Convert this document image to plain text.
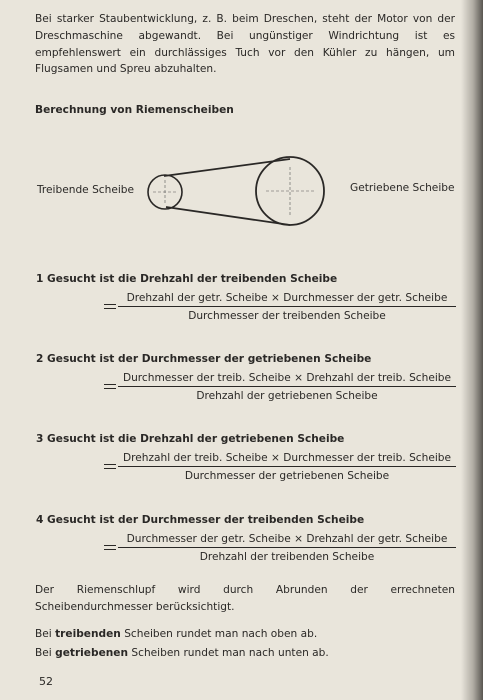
Bei starker Staubentwicklung, z. B. beim Dreschen, steht der Motor von der Dreschmaschine abgewandt. Bei ungünstiger Windrichtung ist es empfehlenswert ein durchlässiges Tuch vor den Kühler zu hängen, um Flugsamen und Spreu abzuhalten.

Berechnung von Riemenscheiben
Treibende Scheibe	Getriebene Scheibe
1 Gesucht ist die Drehzahl der treibenden Scheibe
Drehzahl der getr. Scheibe × Durchmesser der getr. Scheibe
Durchmesser der treibenden Scheibe
2 Gesucht ist der Durchmesser der getriebenen Scheibe
Durchmesser der treib. Scheibe × Drehzahl der treib. Scheibe
Drehzahl der getriebenen Scheibe
3 Gesucht ist die Drehzahl der getriebenen Scheibe
Drehzahl der treib. Scheibe × Durchmesser der treib. Scheibe
Durchmesser der getriebenen Scheibe
4 Gesucht ist der Durchmesser der treibenden Scheibe
Durchmesser der getr. Scheibe × Drehzahl der getr. Scheibe
Drehzahl der treibenden Scheibe

Der Riemenschlupf wird durch Abrunden der errechneten Scheibendurchmesser berücksichtigt.

Bei treibenden Scheiben rundet man nach oben ab.
Bei getriebenen Scheiben rundet man nach unten ab.
52
